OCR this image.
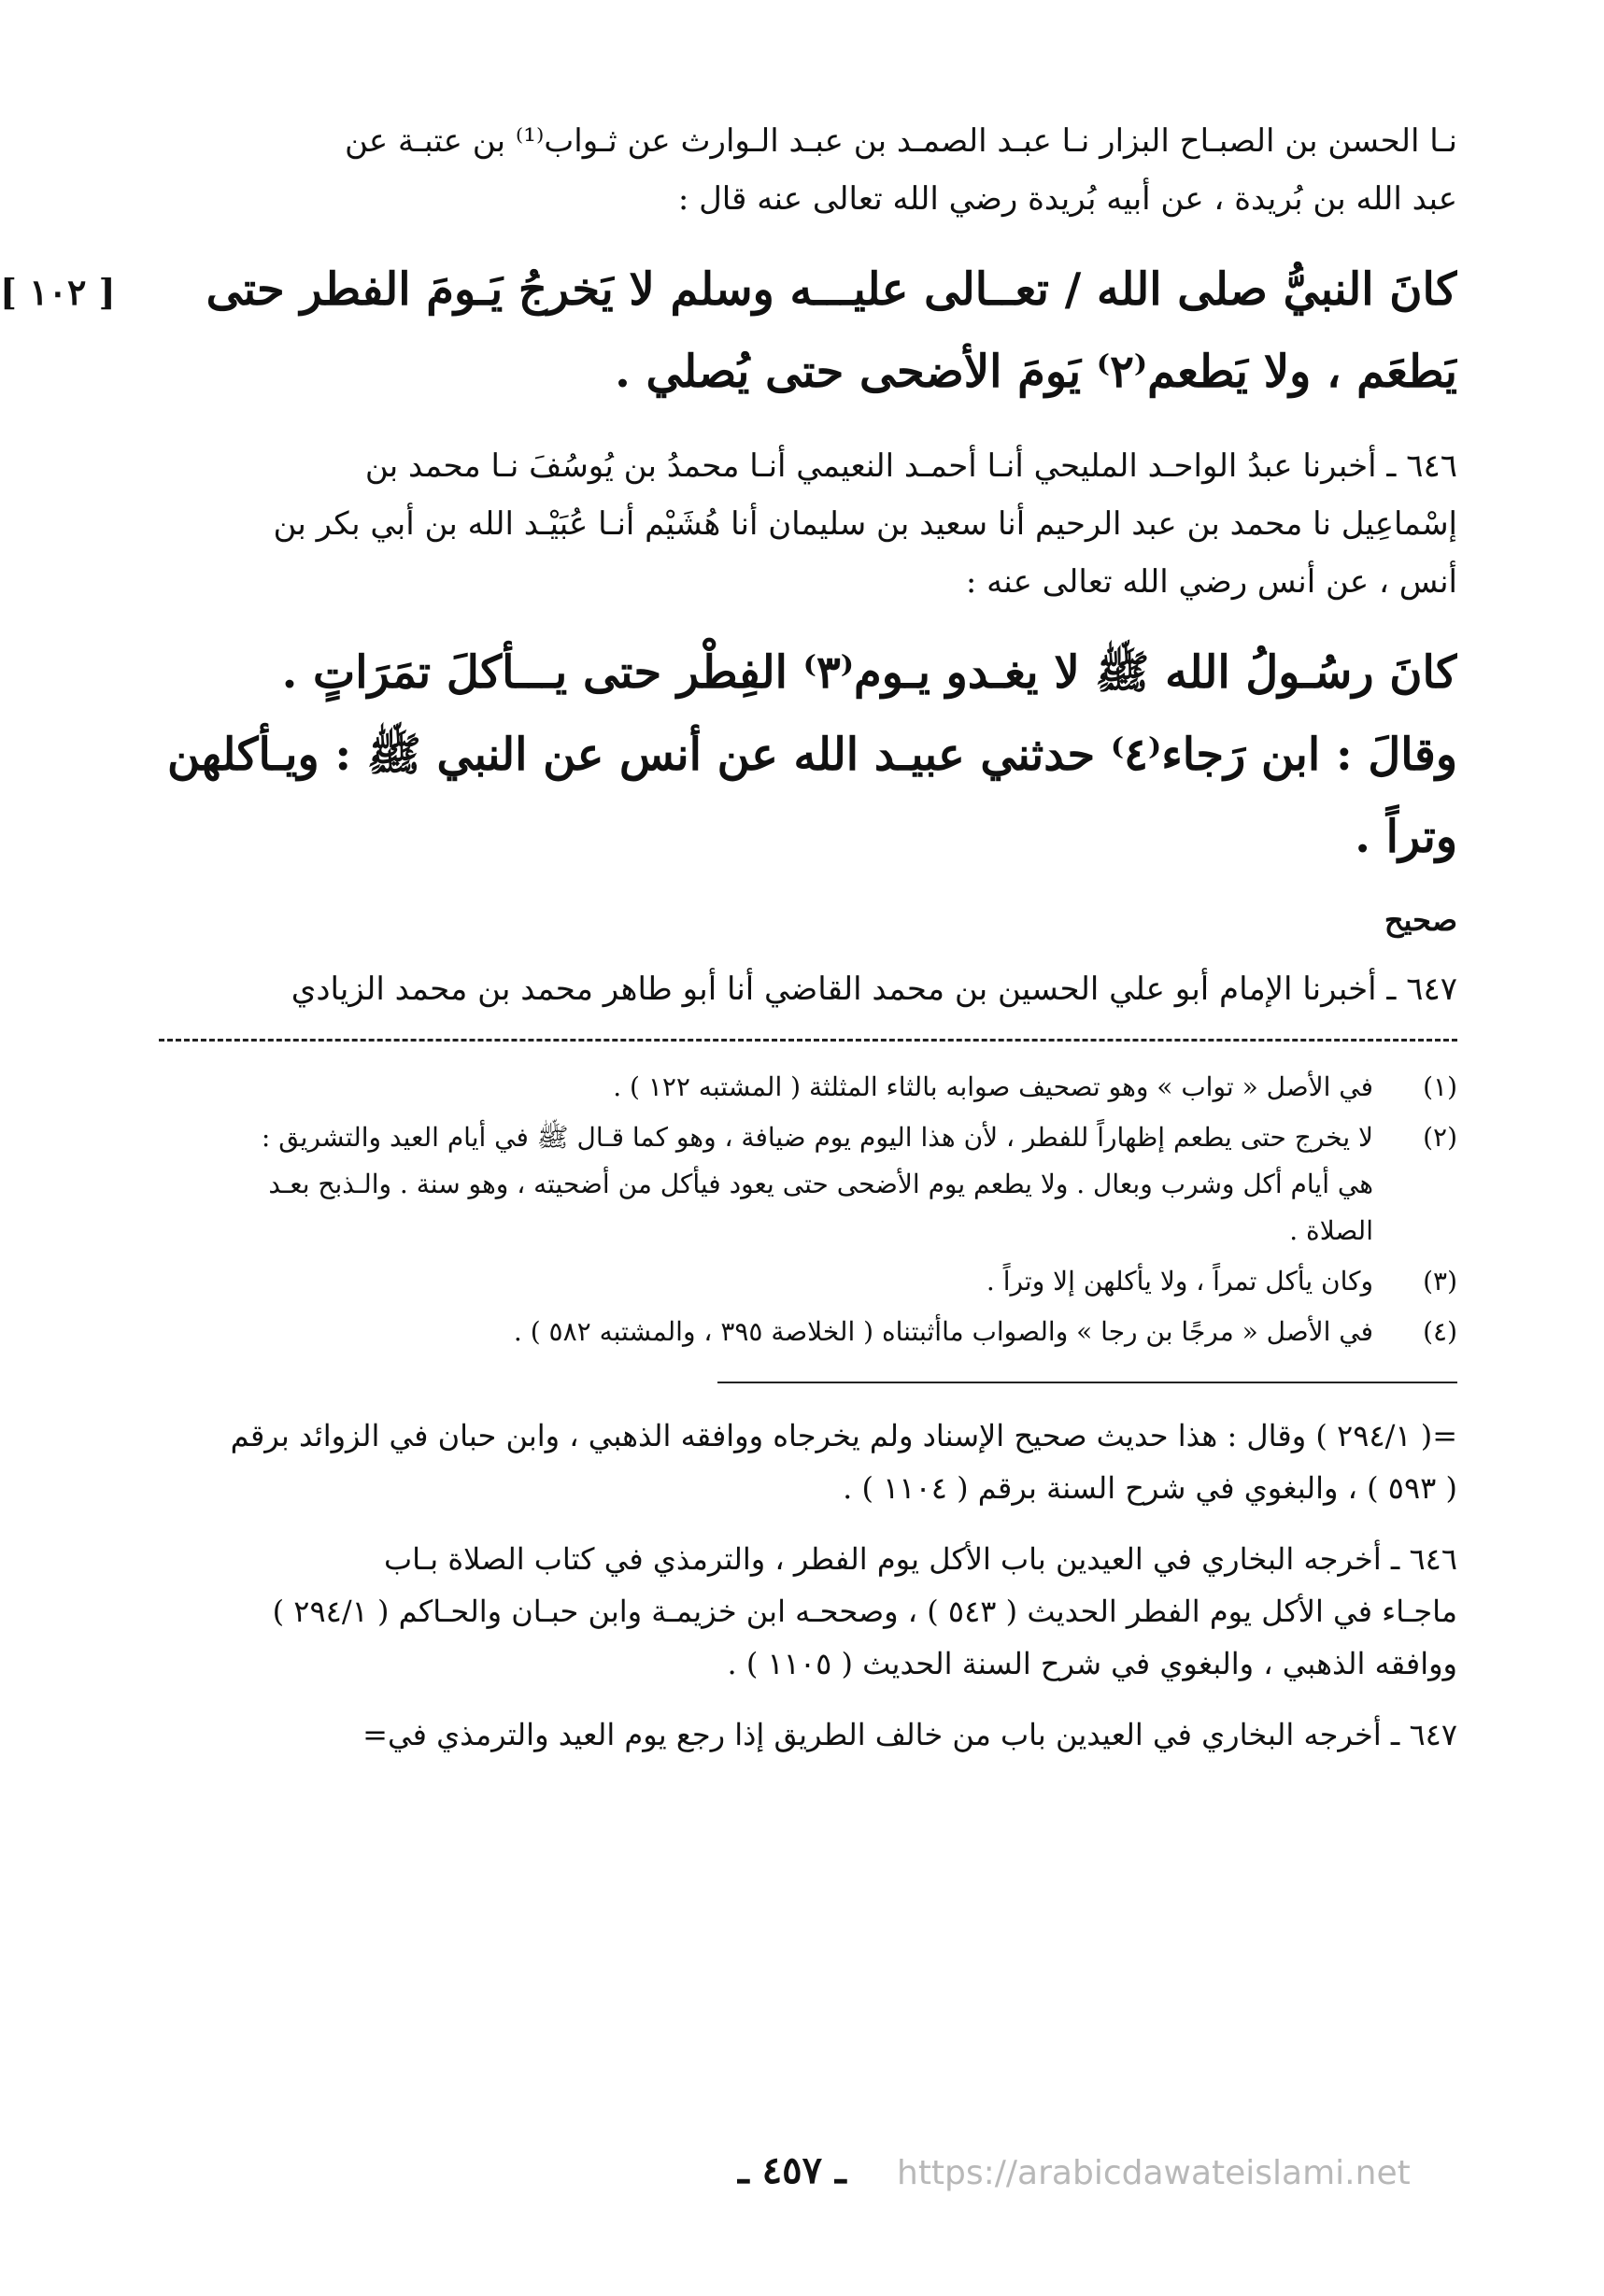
نـا الحسن بن الصبـاح البزار نـا عبـد الصمـد بن عبـد الـوارث عن ثـواب⁽¹⁾ بن عتبـة عن

عبد الله بن بُريدة ، عن أبيه بُريدة رضي الله تعالى عنه قال :

[ ١٠٢ ]	كانَ النبيُّ صلى الله / تعــالى عليـــه وسلم لا يَخرجُ يَـومَ الفطر حتى

يَطعَم ، ولا يَطعم⁽٢⁾ يَومَ الأضحى حتى يُصلي .

٦٤٦ ـ أخبرنا عبدُ الواحـد المليحي أنـا أحمـد النعيمي أنـا محمدُ بن يُوسُفَ نـا محمد بن

إسْماعِيل نا محمد بن عبد الرحيم أنا سعيد بن سليمان أنا هُشَيْم أنـا عُبَيْـد الله بن أبي بكر بن

أنس ، عن أنس رضي الله تعالى عنه :

كانَ رسُـولُ الله ﷺ لا يغـدو يـوم⁽٣⁾ الفِطْر حتى يـــأكلَ تمَرَاتٍ .

وقالَ : ابن رَجاء⁽٤⁾ حدثني عبيـد الله عن أنس عن النبي ﷺ : ويـأكلهن

وتراً .

صحيح

٦٤٧ ـ أخبرنا الإمام أبو علي الحسين بن محمد القاضي أنا أبو طاهر محمد بن محمد الزيادي

(١)

في الأصل « تواب » وهو تصحيف صوابه بالثاء المثلثة ( المشتبه ١٢٢ ) .

(٢)

لا يخرج حتى يطعم إظهاراً للفطر ، لأن هذا اليوم يوم ضيافة ، وهو كما قـال ﷺ في أيام العيد والتشريق :

هي أيام أكل وشرب وبعال . ولا يطعم يوم الأضحى حتى يعود فيأكل من أضحيته ، وهو سنة . والـذبح بعـد

الصلاة .

(٣)

وكان يأكل تمراً ، ولا يأكلهن إلا وتراً .

(٤)

في الأصل « مرجًا بن رجا » والصواب ماأثبتناه ( الخلاصة ٣٩٥ ، والمشتبه ٥٨٢ ) .

=( ٢٩٤/١ ) وقال : هذا حديث صحيح الإسناد ولم يخرجاه ووافقه الذهبي ، وابن حبان في الزوائد برقم

( ٥٩٣ ) ، والبغوي في شرح السنة برقم ( ١١٠٤ ) .

٦٤٦ ـ أخرجه البخاري في العيدين باب الأكل يوم الفطر ، والترمذي في كتاب الصلاة بـاب

ماجـاء في الأكل يوم الفطر الحديث ( ٥٤٣ ) ، وصححـه ابن خزيمـة وابن حبـان والحـاكم ( ٢٩٤/١ )

ووافقه الذهبي ، والبغوي في شرح السنة الحديث ( ١١٠٥ ) .

٦٤٧ ـ أخرجه البخاري في العيدين باب من خالف الطريق إذا رجع يوم العيد والترمذي في=

ـ ٤٥٧ ـ https://arabicdawateislami.net
